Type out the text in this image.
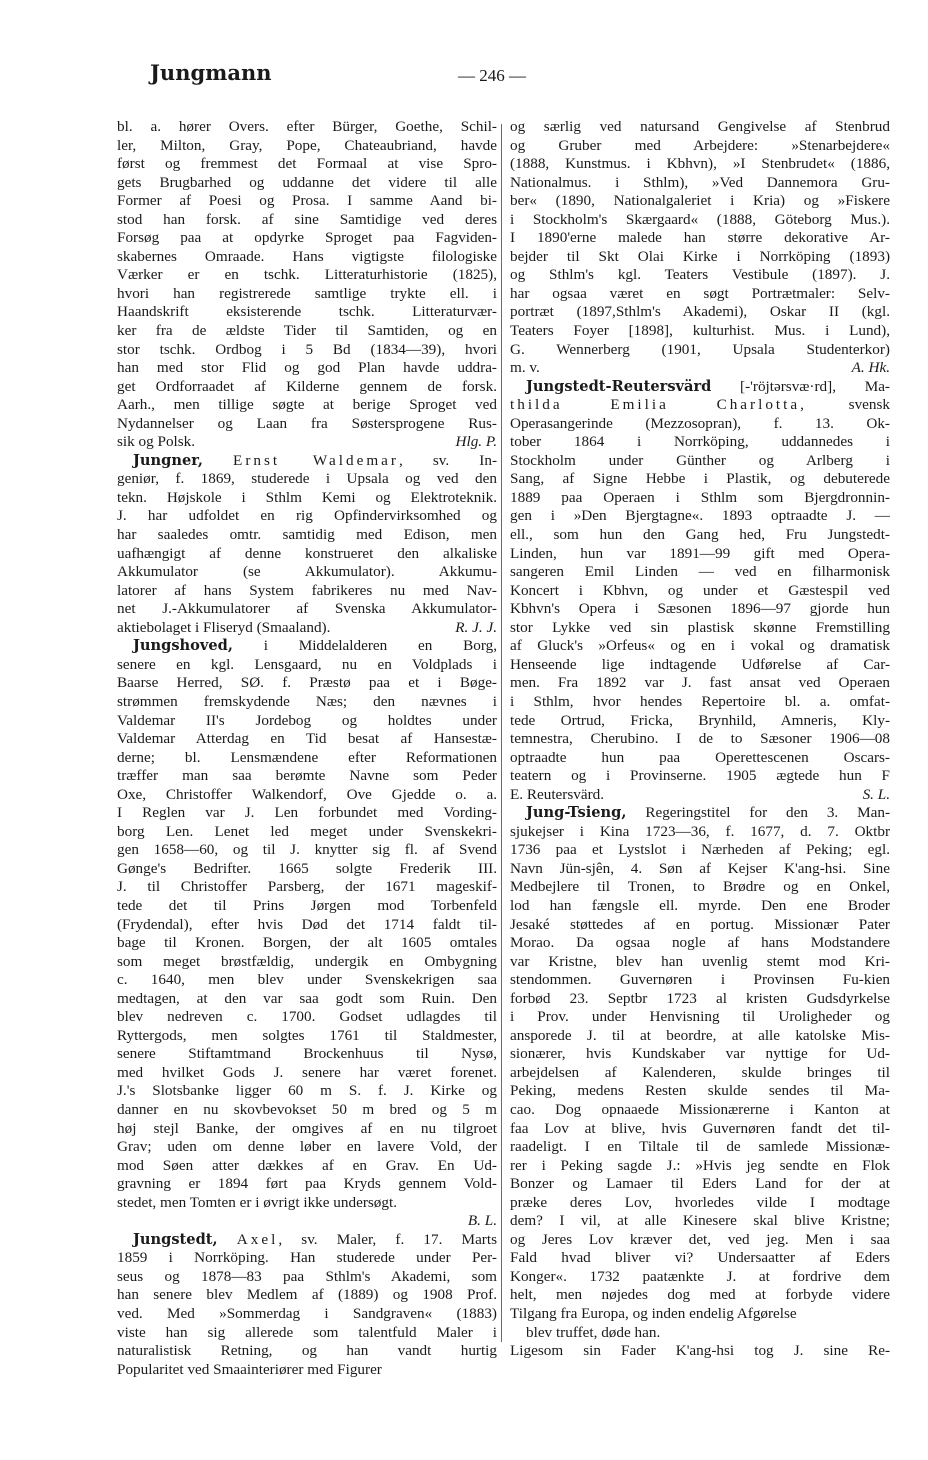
Jungmann	— 246 —
bl. a. hører Overs. efter Bürger, Goethe, Schil-
ler, Milton, Gray, Pope, Chateaubriand, havde
først og fremmest det Formaal at vise Spro-
gets Brugbarhed og uddanne det videre til alle
Former af Poesi og Prosa. I samme Aand bi-
stod han forsk. af sine Samtidige ved deres
Forsøg paa at opdyrke Sproget paa Fagviden-
skabernes Omraade. Hans vigtigste filologiske
Værker er en tschk. Litteraturhistorie (1825),
hvori han registrerede samtlige trykte ell. i
Haandskrift eksisterende tschk. Litteraturvær-
ker fra de ældste Tider til Samtiden, og en
stor tschk. Ordbog i 5 Bd (1834—39), hvori
han med stor Flid og god Plan havde uddra-
get Ordforraadet af Kilderne gennem de forsk.
Aarh., men tillige søgte at berige Sproget ved
Nydannelser og Laan fra Søstersprogene Rus-
sik og Polsk.	Hlg. P.
Jungner, Ernst Waldemar, sv. In-
geniør, f. 1869, studerede i Upsala og ved den
tekn. Højskole i Sthlm Kemi og Elektroteknik.
J. har udfoldet en rig Opfindervirksomhed og
har saaledes omtr. samtidig med Edison, men
uafhængigt af denne konstrueret den alkaliske
Akkumulator (se Akkumulator). Akkumu-
latorer af hans System fabrikeres nu med Nav-
net J.-Akkumulatorer af Svenska Akkumulator-
aktiebolaget i Fliseryd (Smaaland).	R. J. J.
Jungshoved, i Middelalderen en Borg,
senere en kgl. Lensgaard, nu en Voldplads i
Baarse Herred, SØ. f. Præstø paa et i Bøge-
strømmen fremskydende Næs; den nævnes i
Valdemar II's Jordebog og holdtes under
Valdemar Atterdag en Tid besat af Hansestæ-
derne; bl. Lensmændene efter Reformationen
træffer man saa berømte Navne som Peder
Oxe, Christoffer Walkendorf, Ove Gjedde o. a.
I Reglen var J. Len forbundet med Vording-
borg Len. Lenet led meget under Svenskekri-
gen 1658—60, og til J. knytter sig fl. af Svend
Gønge's Bedrifter. 1665 solgte Frederik III.
J. til Christoffer Parsberg, der 1671 mageskif-
tede det til Prins Jørgen mod Torbenfeld
(Frydendal), efter hvis Død det 1714 faldt til-
bage til Kronen. Borgen, der alt 1605 omtales
som meget brøstfældig, undergik en Ombygning
c. 1640, men blev under Svenskekrigen saa
medtagen, at den var saa godt som Ruin. Den
blev nedreven c. 1700. Godset udlagdes til
Ryttergods, men solgtes 1761 til Staldmester,
senere Stiftamtmand Brockenhuus til Nysø,
med hvilket Gods J. senere har været forenet.
J.'s Slotsbanke ligger 60 m S. f. J. Kirke og
danner en nu skovbevokset 50 m bred og 5 m
høj stejl Banke, der omgives af en nu tilgroet
Grav; uden om denne løber en lavere Vold, der
mod Søen atter dækkes af en Grav. En Ud-
gravning er 1894 ført paa Kryds gennem Vold-
stedet, men Tomten er i øvrigt ikke undersøgt.
B. L.
Jungstedt, Axel, sv. Maler, f. 17. Marts
1859 i Norrköping. Han studerede under Per-
seus og 1878—83 paa Sthlm's Akademi, som
han senere blev Medlem af (1889) og 1908 Prof.
ved. Med »Sommerdag i Sandgraven« (1883)
viste han sig allerede som talentfuld Maler i
naturalistisk Retning, og han vandt hurtig
Popularitet ved Smaainteriører med Figurer
og særlig ved natursand Gengivelse af Stenbrud
og Gruber med Arbejdere: »Stenarbejdere«
(1888, Kunstmus. i Kbhvn), »I Stenbrudet« (1886,
Nationalmus. i Sthlm), »Ved Dannemora Gru-
ber« (1890, Nationalgaleriet i Kria) og »Fiskere
i Stockholm's Skærgaard« (1888, Göteborg Mus.).
I 1890'erne malede han større dekorative Ar-
bejder til Skt Olai Kirke i Norrköping (1893)
og Sthlm's kgl. Teaters Vestibule (1897). J.
har ogsaa været en søgt Portrætmaler: Selv-
portræt (1897,Sthlm's Akademi), Oskar II (kgl.
Teaters Foyer [1898], kulturhist. Mus. i Lund),
G. Wennerberg (1901, Upsala Studenterkor)
m. v.	A. Hk.
Jungstedt-Reutersvärd [-'röjtərsvæ·rd], Ma-
thilda Emilia Charlotta, svensk
Operasangerinde (Mezzosopran), f. 13. Ok-
tober 1864 i Norrköping, uddannedes i
Stockholm under Günther og Arlberg i
Sang, af Signe Hebbe i Plastik, og debuterede
1889 paa Operaen i Sthlm som Bjergdronnin-
gen i »Den Bjergtagne«. 1893 optraadte J. —
ell., som hun den Gang hed, Fru Jungstedt-
Linden, hun var 1891—99 gift med Opera-
sangeren Emil Linden — ved en filharmonisk
Koncert i Kbhvn, og under et Gæstespil ved
Kbhvn's Opera i Sæsonen 1896—97 gjorde hun
stor Lykke ved sin plastisk skønne Fremstilling
af Gluck's »Orfeus« og en i vokal og dramatisk
Henseende lige indtagende Udførelse af Car-
men. Fra 1892 var J. fast ansat ved Operaen
i Sthlm, hvor hendes Repertoire bl. a. omfat-
tede Ortrud, Fricka, Brynhild, Amneris, Kly-
temnestra, Cherubino. I de to Sæsoner 1906—08
optraadte hun paa Operettescenen Oscars-
teatern og i Provinserne. 1905 ægtede hun F
E. Reutersvärd.	S. L.
Jung-Tsieng, Regeringstitel for den 3. Man-
sjukejser i Kina 1723—36, f. 1677, d. 7. Oktbr
1736 paa et Lystslot i Nærheden af Peking; egl.
Navn Jün-sjên, 4. Søn af Kejser K'ang-hsi. Sine
Medbejlere til Tronen, to Brødre og en Onkel,
lod han fængsle ell. myrde. Den ene Broder
Jesaké støttedes af en portug. Missionær Pater
Morao. Da ogsaa nogle af hans Modstandere
var Kristne, blev han uvenlig stemt mod Kri-
stendommen. Guvernøren i Provinsen Fu-kien
forbød 23. Septbr 1723 al kristen Gudsdyrkelse
i Prov. under Henvisning til Uroligheder og
ansporede J. til at beordre, at alle katolske Mis-
sionærer, hvis Kundskaber var nyttige for Ud-
arbejdelsen af Kalenderen, skulde bringes til
Peking, medens Resten skulde sendes til Ma-
cao. Dog opnaaede Missionærerne i Kanton at
faa Lov at blive, hvis Guvernøren fandt det til-
raadeligt. I en Tiltale til de samlede Missionæ-
rer i Peking sagde J.: »Hvis jeg sendte en Flok
Bonzer og Lamaer til Eders Land for der at
præke deres Lov, hvorledes vilde I modtage
dem? I vil, at alle Kinesere skal blive Kristne;
og Jeres Lov kræver det, ved jeg. Men i saa
Fald hvad bliver vi? Undersaatter af Eders
Konger«. 1732 paatænkte J. at fordrive dem
helt, men nøjedes dog med at forbyde videre
Tilgang fra Europa, og inden endelig Afgørelse
blev truffet, døde han.
Ligesom sin Fader K'ang-hsi tog J. sine Re-
